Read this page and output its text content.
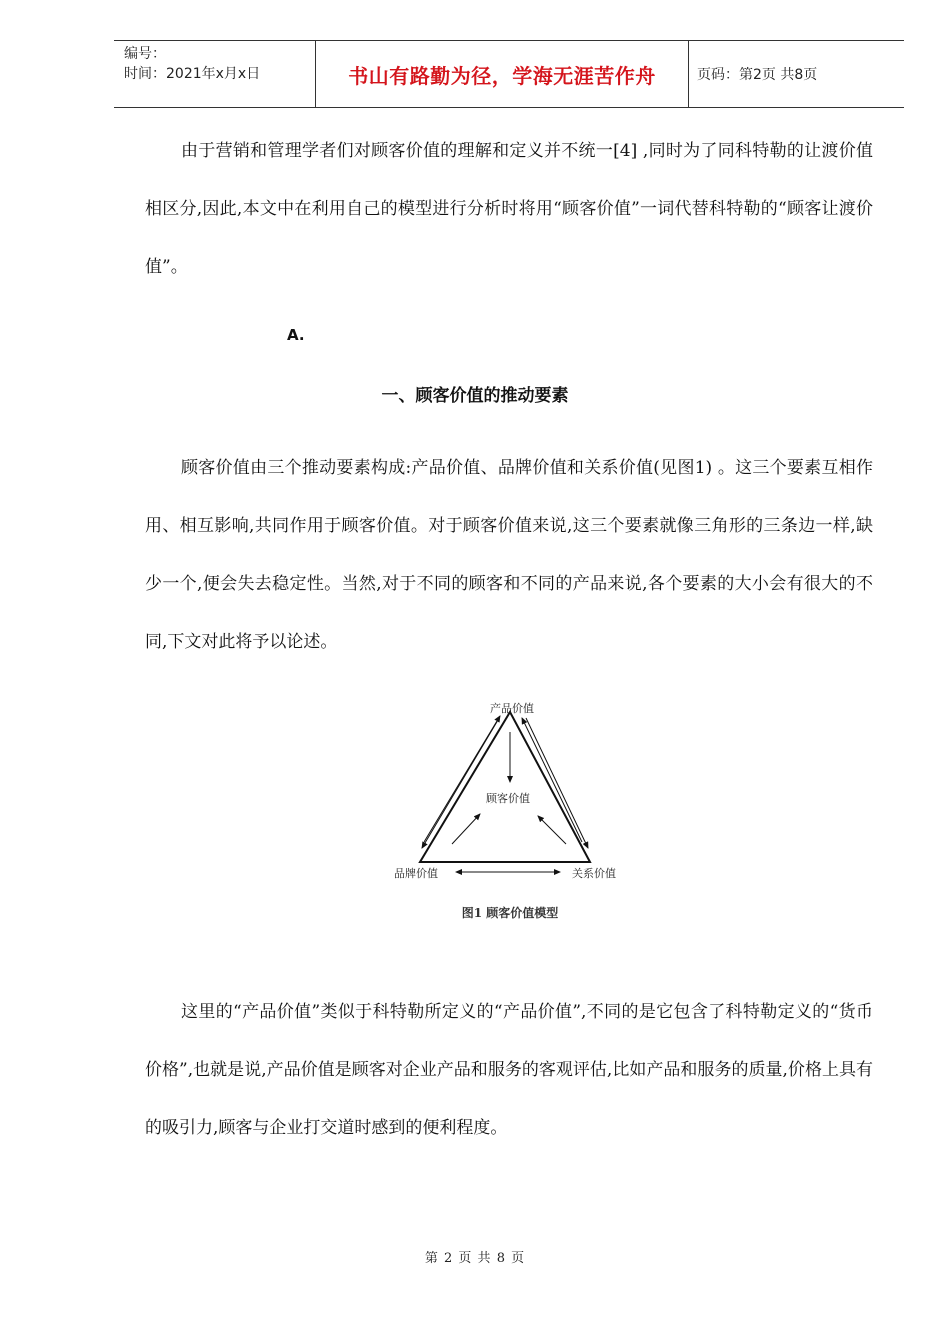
编号：
时间：2021年x月x日	书山有路勤为径，学海无涯苦作舟	页码：第2页 共8页

由于营销和管理学者们对顾客价值的理解和定义并不统一[4] ,同时为了同科特勒的让渡价值相区分,因此,本文中在利用自己的模型进行分析时将用“顾客价值”一词代替科特勒的“顾客让渡价值”。

A.
一、顾客价值的推动要素

顾客价值由三个推动要素构成:产品价值、品牌价值和关系价值(见图1) 。这三个要素互相作用、相互影响,共同作用于顾客价值。对于顾客价值来说,这三个要素就像三角形的三条边一样,缺少一个,便会失去稳定性。当然,对于不同的顾客和不同的产品来说,各个要素的大小会有很大的不同,下文对此将予以论述。

产品价值
顾客价值
品牌价值	关系价值
图1 顾客价值模型

这里的“产品价值”类似于科特勒所定义的“产品价值”,不同的是它包含了科特勒定义的“货币价格”,也就是说,产品价值是顾客对企业产品和服务的客观评估,比如产品和服务的质量,价格上具有的吸引力,顾客与企业打交道时感到的便利程度。

第 2 页 共 8 页
